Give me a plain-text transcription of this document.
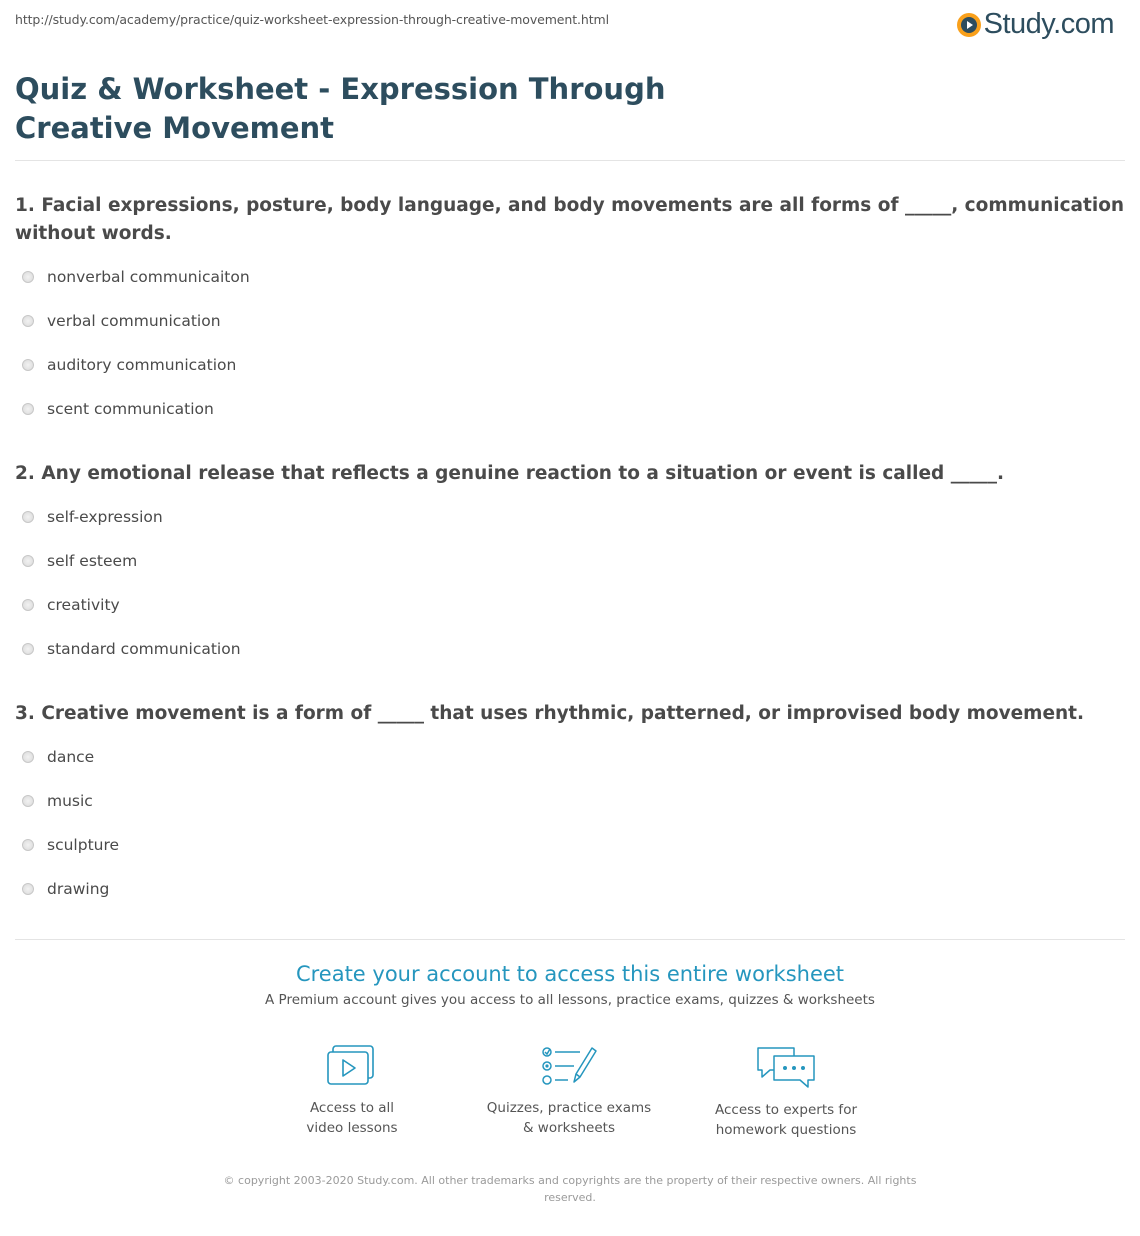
http://study.com/academy/practice/quiz-worksheet-expression-through-creative-movement.html	Study.com
Quiz & Worksheet - Expression Through Creative Movement
1. Facial expressions, posture, body language, and body movements are all forms of _____, communication without words.
nonverbal communicaiton
verbal communication
auditory communication
scent communication
2. Any emotional release that reflects a genuine reaction to a situation or event is called _____.
self-expression
self esteem
creativity
standard communication
3. Creative movement is a form of _____ that uses rhythmic, patterned, or improvised body movement.
dance
music
sculpture
drawing
Create your account to access this entire worksheet
A Premium account gives you access to all lessons, practice exams, quizzes & worksheets
Access to all
video lessons
Quizzes, practice exams
& worksheets
Access to experts for
homework questions
© copyright 2003-2020 Study.com. All other trademarks and copyrights are the property of their respective owners. All rights reserved.
